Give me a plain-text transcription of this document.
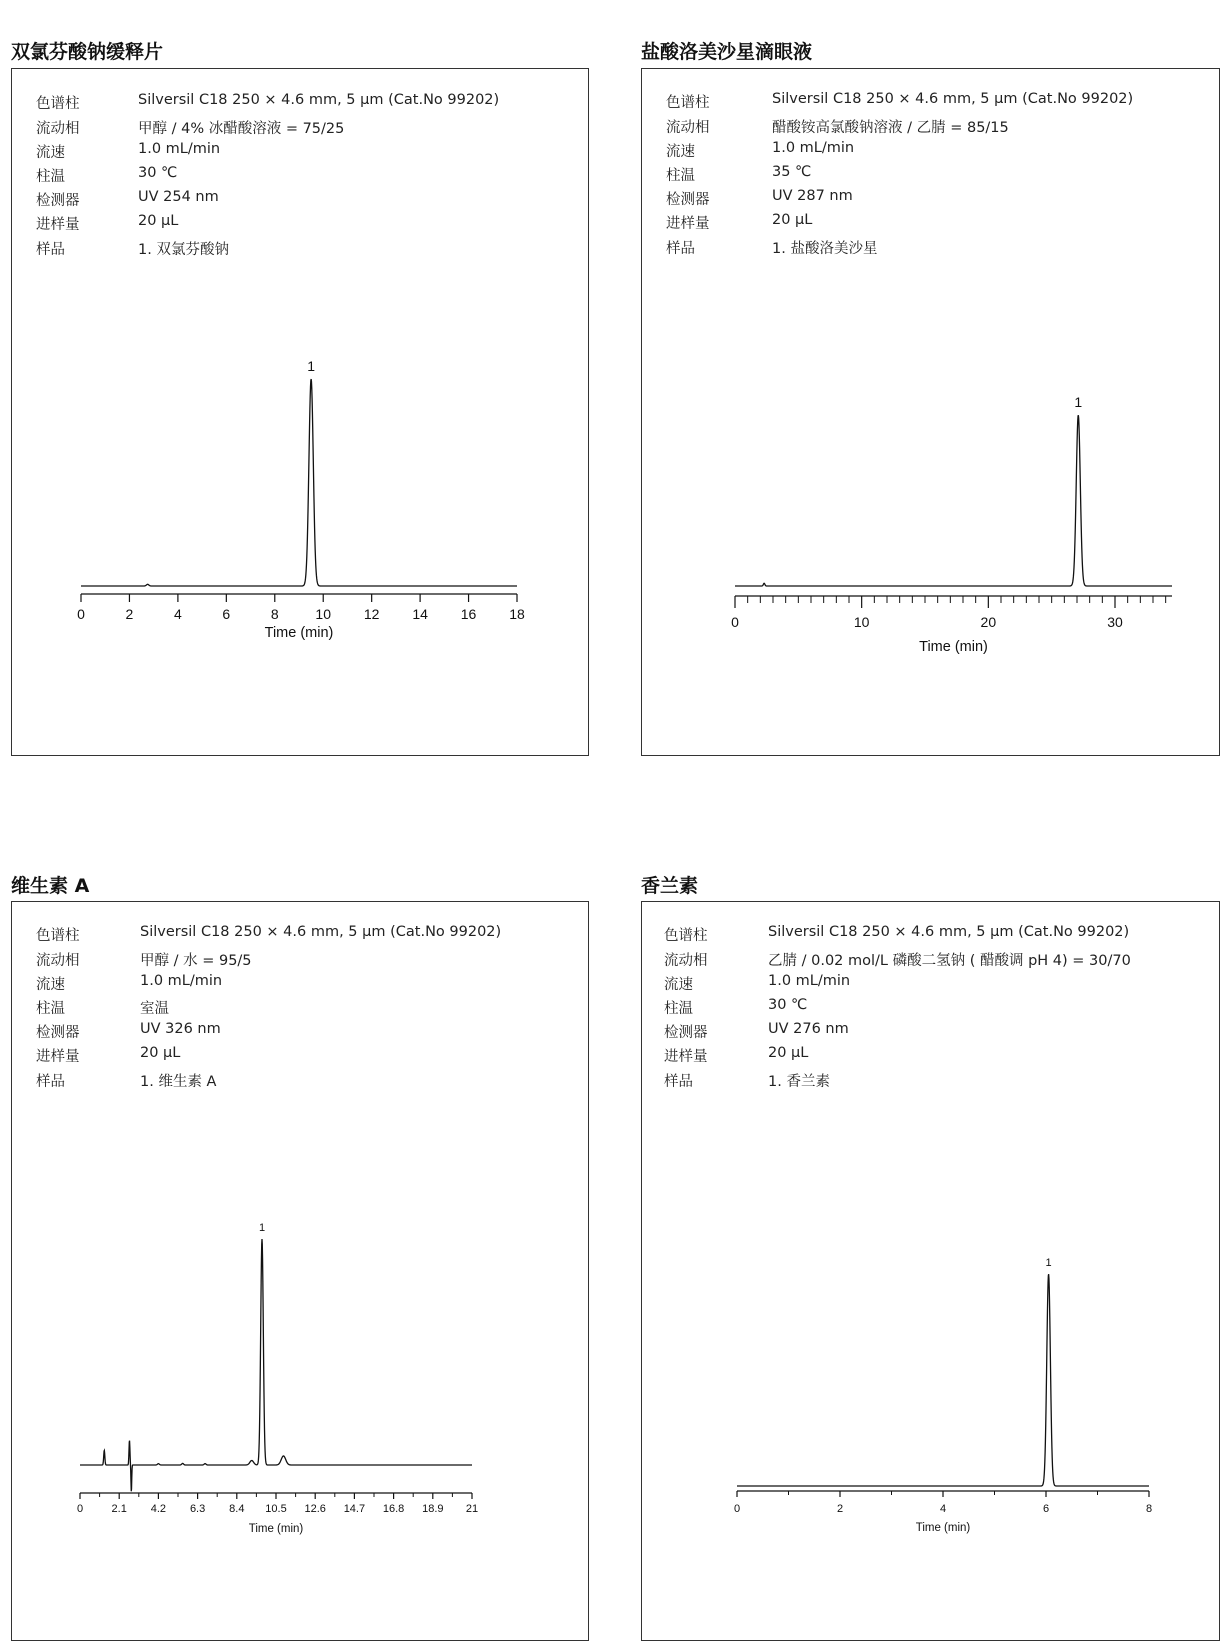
双氯芬酸钠缓释片
色谱柱	Silversil C18 250 × 4.6 mm, 5 μm (Cat.No 99202)
流动相	甲醇 / 4% 冰醋酸溶液 = 75/25
流速	1.0 mL/min
柱温	30 ℃
检测器	UV 254 nm
进样量	20 μL
样品	1. 双氯芬酸钠
1
0	2	4	6	8	10 12 14 16 18
Time (min)
盐酸洛美沙星滴眼液
色谱柱	Silversil C18 250 × 4.6 mm, 5 μm (Cat.No 99202)
流动相	醋酸铵高氯酸钠溶液 / 乙腈 = 85/15
流速	1.0 mL/min
柱温	35 ℃
检测器	UV 287 nm
进样量	20 μL
样品	1. 盐酸洛美沙星
1
0	10	20	30
Time (min)
维生素 A
色谱柱	Silversil C18 250 × 4.6 mm, 5 μm (Cat.No 99202)
流动相	甲醇 / 水 = 95/5
流速	1.0 mL/min
柱温	室温
检测器	UV 326 nm
进样量	20 μL
样品	1. 维生素 A
1
0	2.1 4.2 6.3 8.4 10.5 12.6 14.7 16.8 18.9 21
Time (min)
香兰素
色谱柱	Silversil C18 250 × 4.6 mm, 5 μm (Cat.No 99202)
流动相	乙腈 / 0.02 mol/L 磷酸二氢钠 ( 醋酸调 pH 4) = 30/70
流速	1.0 mL/min
柱温	30 ℃
检测器	UV 276 nm
进样量	20 μL
样品	1. 香兰素
1
0	2	4	6	8
Time (min)
